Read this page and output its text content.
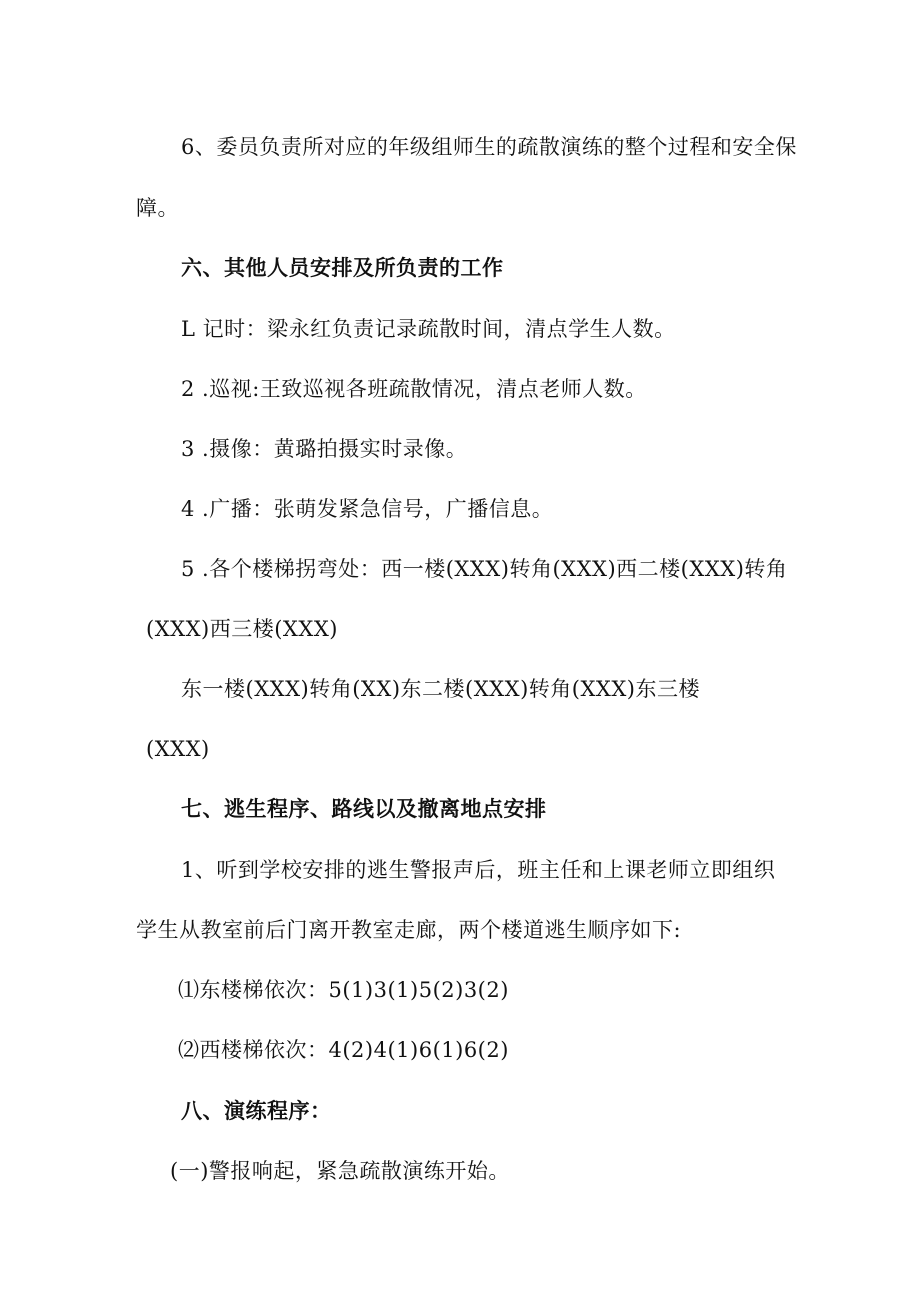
6、委员负责所对应的年级组师生的疏散演练的整个过程和安全保
障。
六、其他人员安排及所负责的工作
L 记时：梁永红负责记录疏散时间，清点学生人数。
2 .巡视:王致巡视各班疏散情况，清点老师人数。
3 .摄像：黄璐拍摄实时录像。
4 .广播：张萌发紧急信号，广播信息。
5 .各个楼梯拐弯处：西一楼(XXX)转角(XXX)西二楼(XXX)转角
(XXX)西三楼(XXX)
东一楼(XXX)转角(XX)东二楼(XXX)转角(XXX)东三楼
(XXX)
七、逃生程序、路线以及撤离地点安排
1、听到学校安排的逃生警报声后，班主任和上课老师立即组织
学生从教室前后门离开教室走廊，两个楼道逃生顺序如下:
⑴东楼梯依次：5(1)3(1)5(2)3(2)
⑵西楼梯依次：4(2)4(1)6(1)6(2)
八、演练程序：
(一)警报响起，紧急疏散演练开始。
